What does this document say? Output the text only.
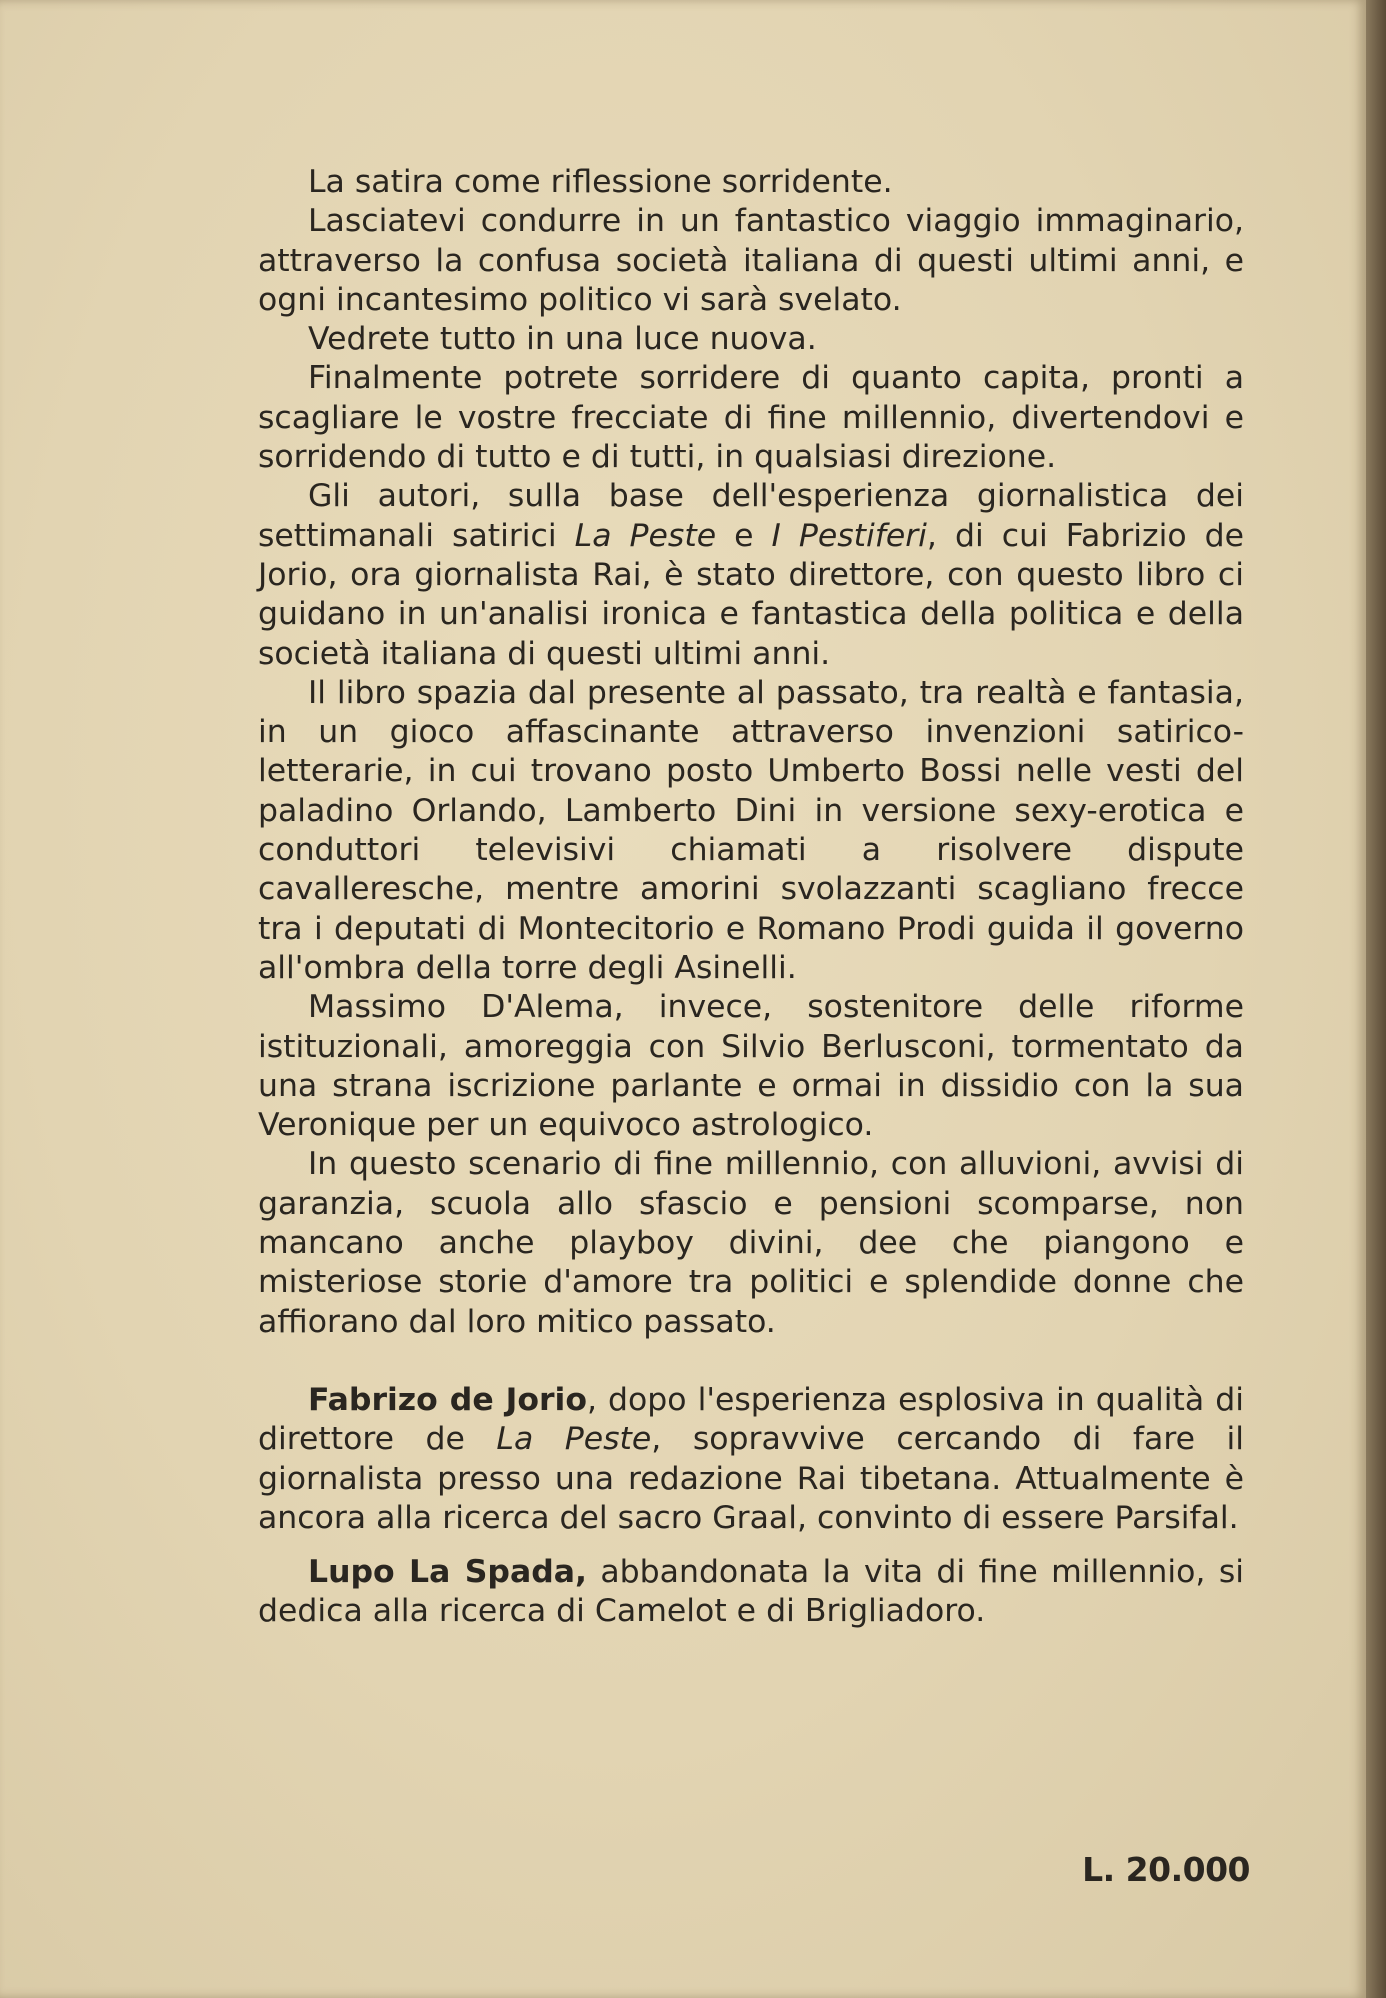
La satira come riflessione sorridente.

Lasciatevi condurre in un fantastico viaggio immaginario, attraverso la confusa società italiana di questi ultimi anni, e ogni incantesimo politico vi sarà svelato.

Vedrete tutto in una luce nuova.

Finalmente potrete sorridere di quanto capita, pronti a scagliare le vostre frecciate di fine millennio, divertendovi e sorridendo di tutto e di tutti, in qualsiasi direzione.

Gli autori, sulla base dell'esperienza giornalistica dei settimanali satirici La Peste e I Pestiferi, di cui Fabrizio de Jorio, ora giornalista Rai, è stato direttore, con questo libro ci guidano in un'analisi ironica e fantastica della politica e della società italiana di questi ultimi anni.

Il libro spazia dal presente al passato, tra realtà e fantasia, in un gioco affascinante attraverso invenzioni satirico-letterarie, in cui trovano posto Umberto Bossi nelle vesti del paladino Orlando, Lamberto Dini in versione sexy-erotica e conduttori televisivi chiamati a risolvere dispute cavalleresche, mentre amorini svolazzanti scagliano frecce tra i deputati di Montecitorio e Romano Prodi guida il governo all'ombra della torre degli Asinelli.

Massimo D'Alema, invece, sostenitore delle riforme istituzionali, amoreggia con Silvio Berlusconi, tormentato da una strana iscrizione parlante e ormai in dissidio con la sua Veronique per un equivoco astrologico.

In questo scenario di fine millennio, con alluvioni, avvisi di garanzia, scuola allo sfascio e pensioni scomparse, non mancano anche playboy divini, dee che piangono e misteriose storie d'amore tra politici e splendide donne che affiorano dal loro mitico passato.

Fabrizo de Jorio, dopo l'esperienza esplosiva in qualità di direttore de La Peste, sopravvive cercando di fare il giornalista presso una redazione Rai tibetana. Attualmente è ancora alla ricerca del sacro Graal, convinto di essere Parsifal.

Lupo La Spada, abbandonata la vita di fine millennio, si dedica alla ricerca di Camelot e di Brigliadoro.

L. 20.000
